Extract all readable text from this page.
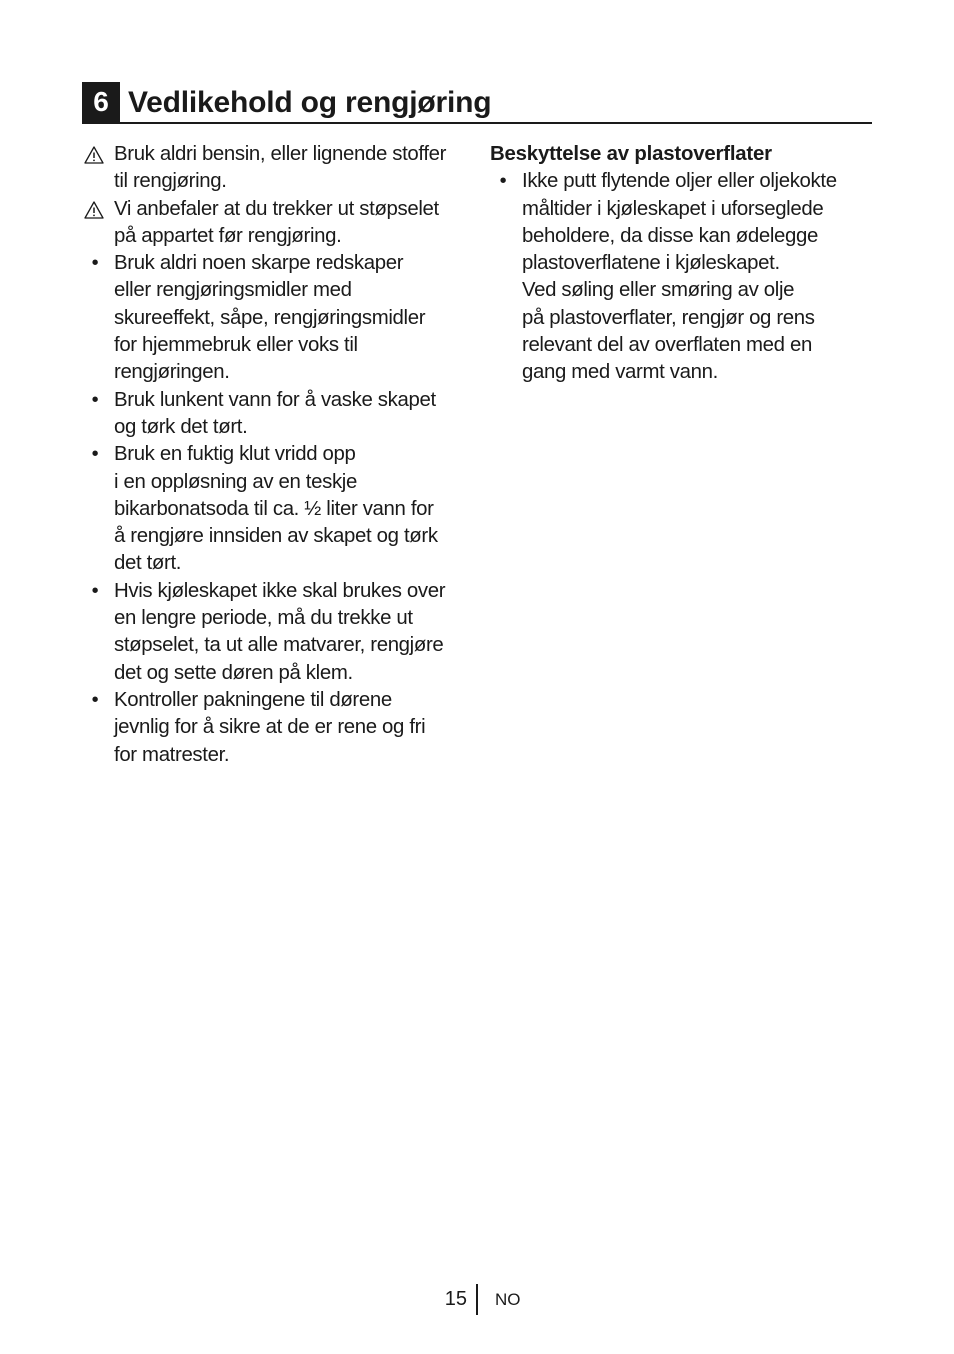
6 Vedlikehold og rengjøring
Bruk aldri bensin, eller lignende stoffer
til rengjøring.
Vi anbefaler at du trekker ut støpselet
på appartet før rengjøring.
• Bruk aldri noen skarpe redskaper
eller rengjøringsmidler med
skureeffekt, såpe, rengjøringsmidler
for hjemmebruk eller voks til
rengjøringen.
• Bruk lunkent vann for å vaske skapet
og tørk det tørt.
• Bruk en fuktig klut vridd opp
i en oppløsning av en teskje
bikarbonatsoda til ca. ½ liter vann for
å rengjøre innsiden av skapet og tørk
det tørt.
• Hvis kjøleskapet ikke skal brukes over
en lengre periode, må du trekke ut
støpselet, ta ut alle matvarer, rengjøre
det og sette døren på klem.
• Kontroller pakningene til dørene
jevnlig for å sikre at de er rene og fri
for matrester.
Beskyttelse av plastoverflater
• Ikke putt flytende oljer eller oljekokte
måltider i kjøleskapet i uforseglede
beholdere, da disse kan ødelegge
plastoverflatene i kjøleskapet.
Ved søling eller smøring av olje
på plastoverflater, rengjør og rens
relevant del av overflaten med en
gang med varmt vann.
15 NO
